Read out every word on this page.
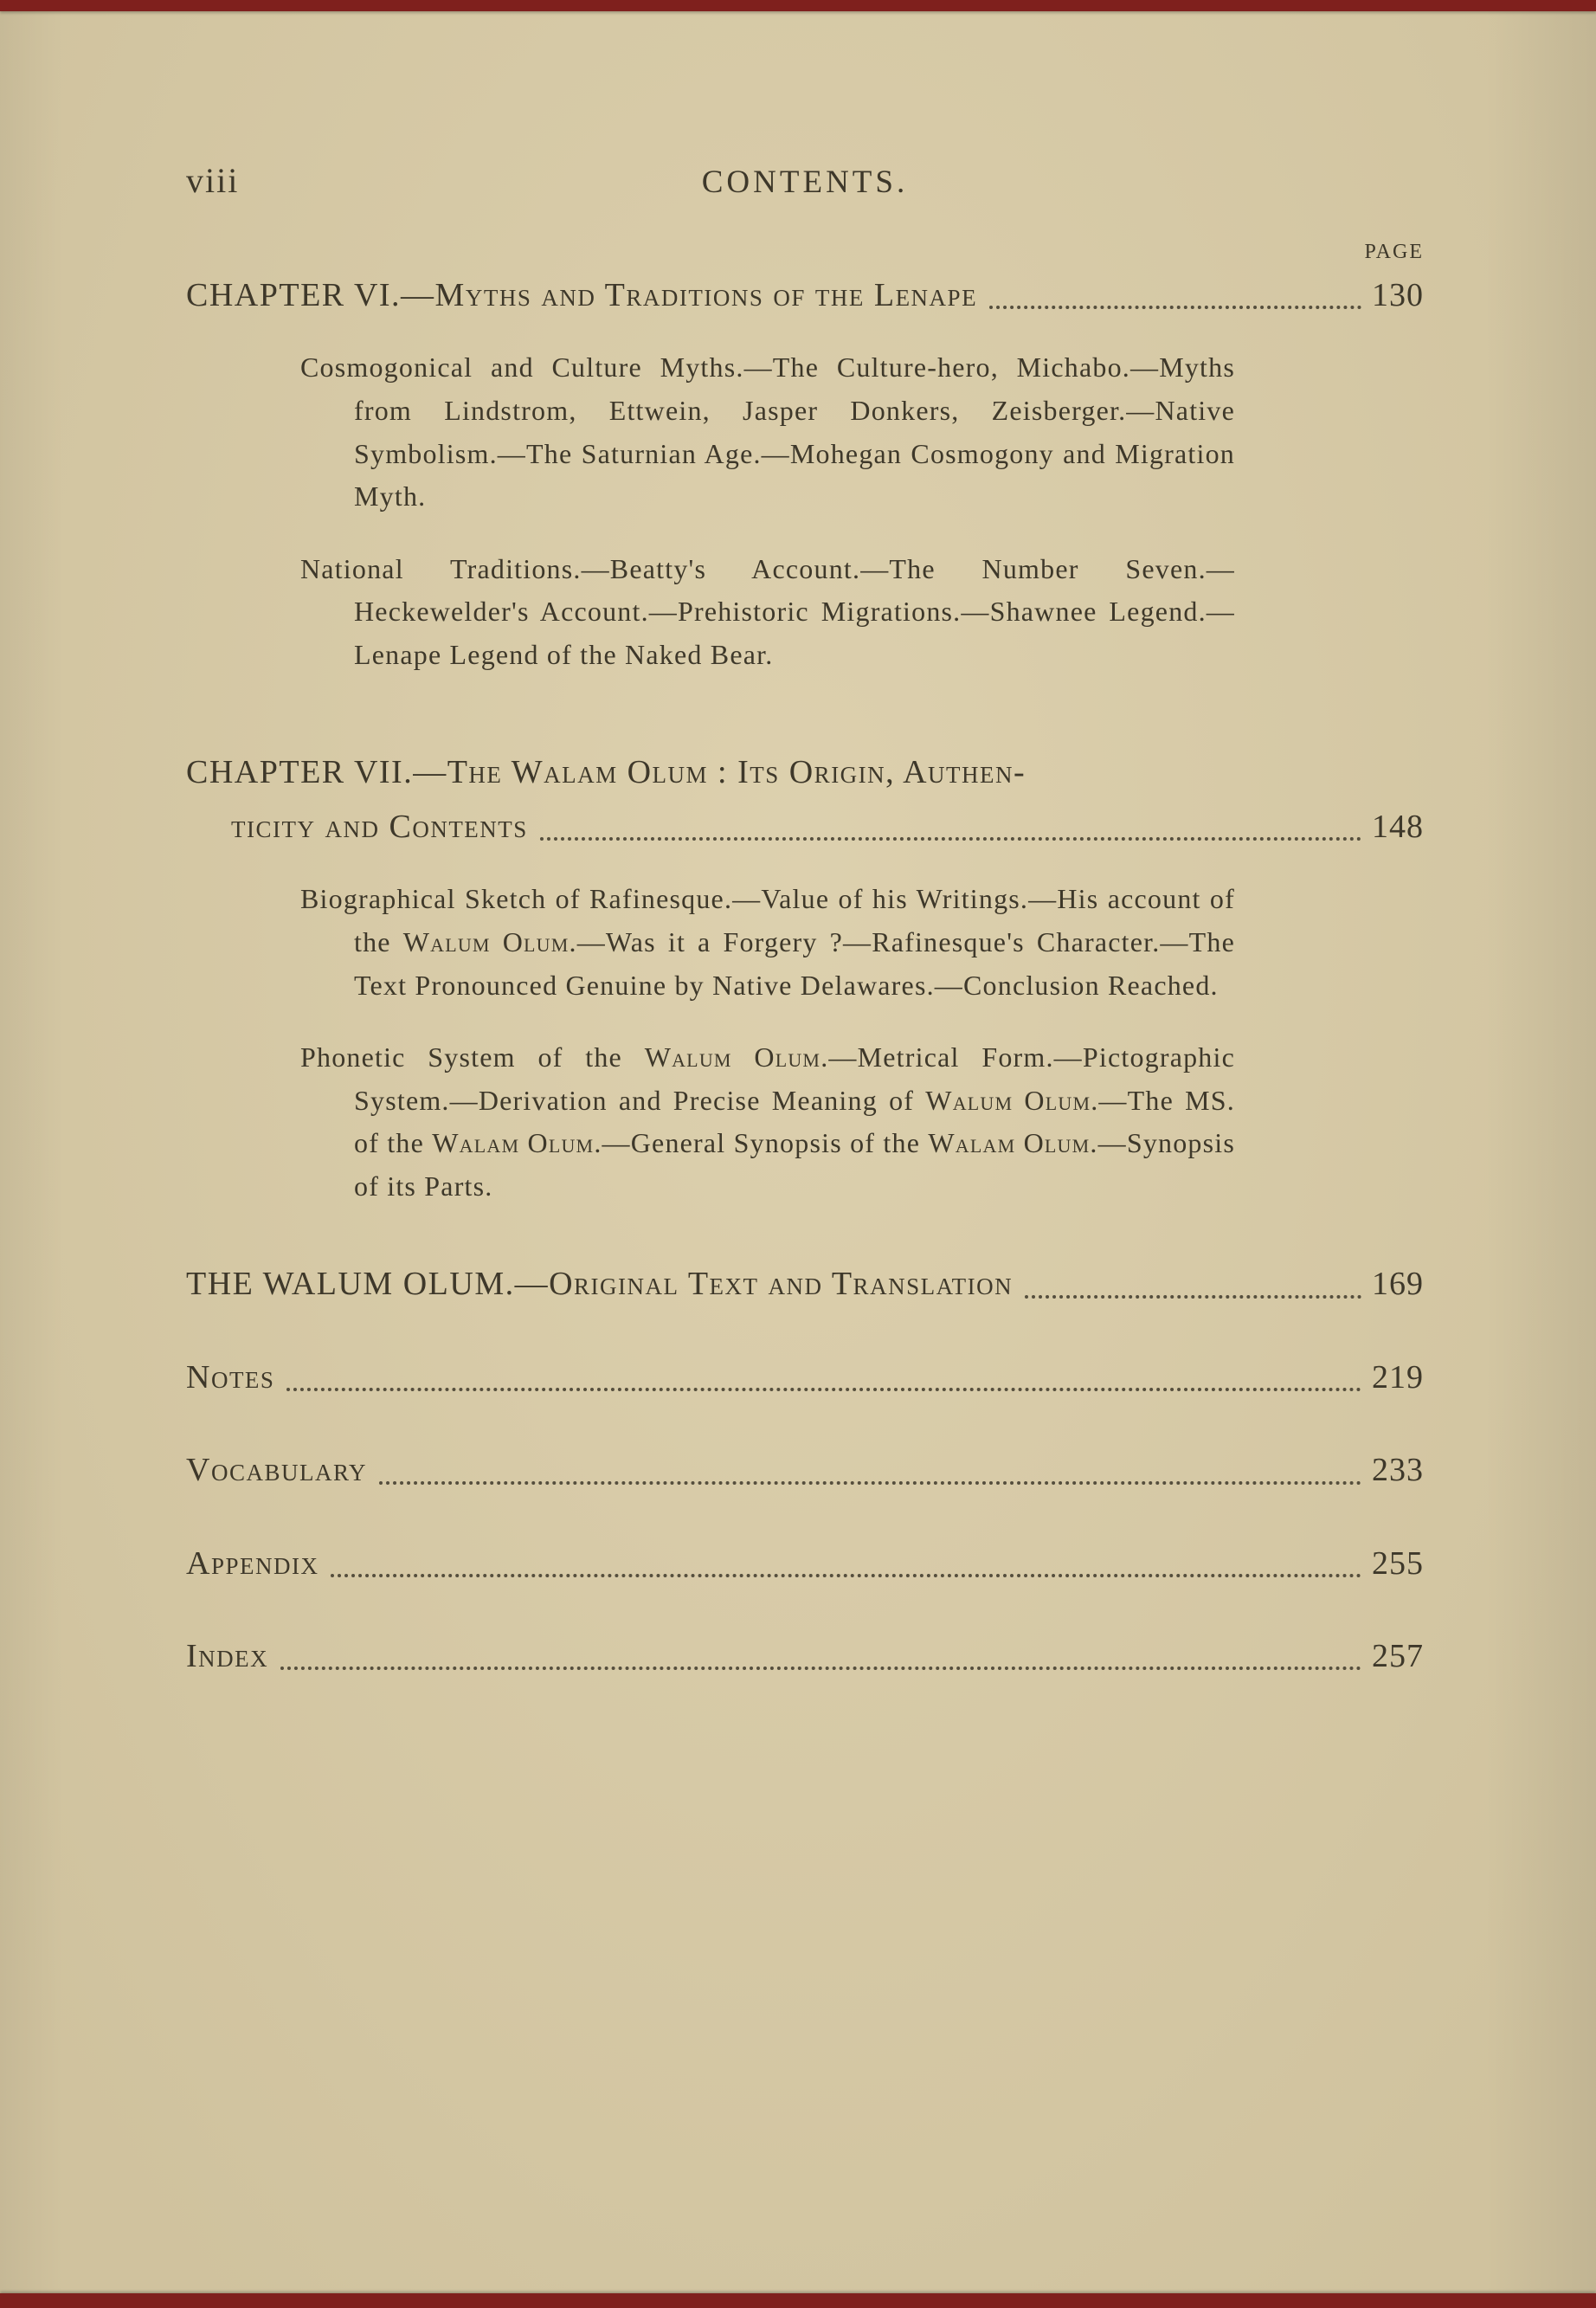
viii	CONTENTS.
PAGE
CHAPTER VI.—Myths and Traditions of the Lenape	130

Cosmogonical and Culture Myths.—The Culture-hero, Michabo.—Myths from Lindstrom, Ettwein, Jasper Donkers, Zeisberger.—Native Symbolism.—The Saturnian Age.—Mohegan Cosmogony and Migration Myth.

National Traditions.—Beatty's Account.—The Number Seven.—Heckewelder's Account.—Prehistoric Migrations.—Shawnee Legend.—Lenape Legend of the Naked Bear.

CHAPTER VII.—The Walam Olum : Its Origin, Authen-
ticity and Contents	148

Biographical Sketch of Rafinesque.—Value of his Writings.—His account of the Walum Olum.—Was it a Forgery ?—Rafinesque's Character.—The Text Pronounced Genuine by Native Delawares.—Conclusion Reached.

Phonetic System of the Walum Olum.—Metrical Form.—Pictographic System.—Derivation and Precise Meaning of Walum Olum.—The MS. of the Walam Olum.—General Synopsis of the Walam Olum.—Synopsis of its Parts.

THE WALUM OLUM.—Original Text and Translation	169
Notes	219
Vocabulary	233
Appendix	255
Index	257
